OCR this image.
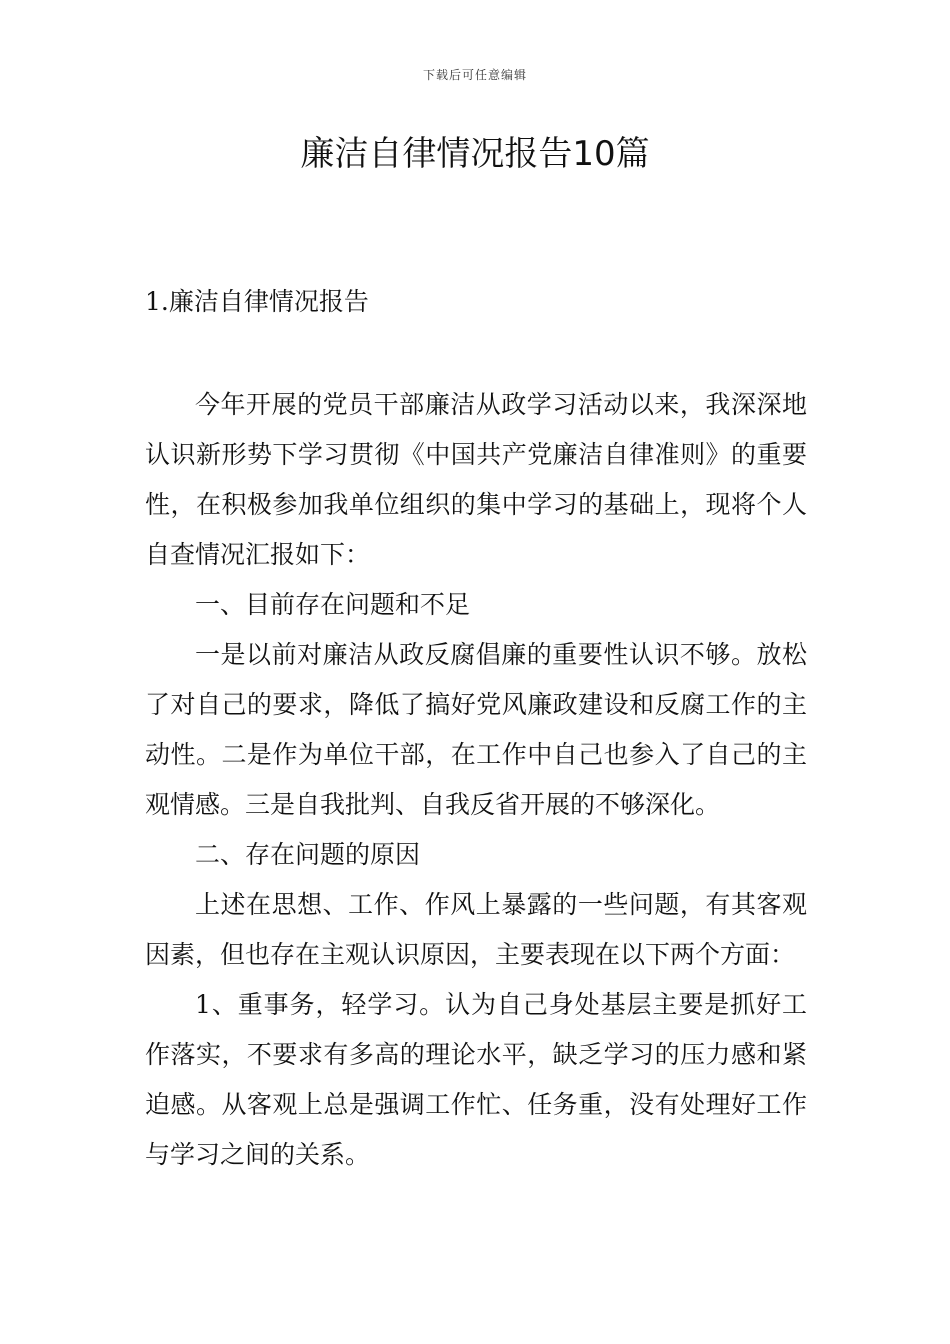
下载后可任意编辑
廉洁自律情况报告10篇
1.廉洁自律情况报告

今年开展的党员干部廉洁从政学习活动以来，我深深地认识新形势下学习贯彻《中国共产党廉洁自律准则》的重要性，在积极参加我单位组织的集中学习的基础上，现将个人自查情况汇报如下：

一、目前存在问题和不足

一是以前对廉洁从政反腐倡廉的重要性认识不够。放松了对自己的要求，降低了搞好党风廉政建设和反腐工作的主动性。二是作为单位干部，在工作中自己也参入了自己的主观情感。三是自我批判、自我反省开展的不够深化。

二、存在问题的原因

上述在思想、工作、作风上暴露的一些问题，有其客观因素，但也存在主观认识原因，主要表现在以下两个方面：

1、重事务，轻学习。认为自己身处基层主要是抓好工作落实，不要求有多高的理论水平，缺乏学习的压力感和紧迫感。从客观上总是强调工作忙、任务重，没有处理好工作与学习之间的关系。
